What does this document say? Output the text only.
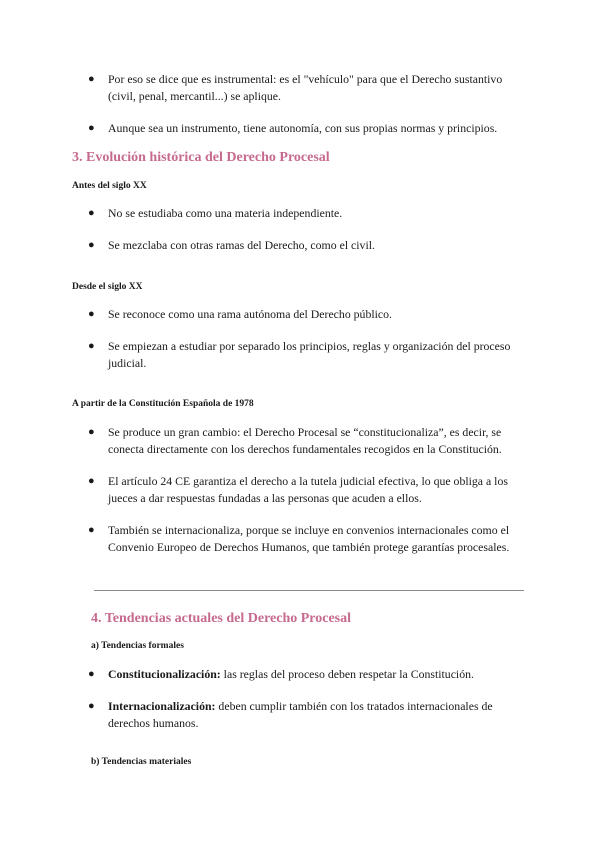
● Por eso se dice que es instrumental: es el "vehículo" para que el Derecho sustantivo (civil, penal, mercantil...) se aplique.
● Aunque sea un instrumento, tiene autonomía, con sus propias normas y principios.
3. Evolución histórica del Derecho Procesal
Antes del siglo XX
● No se estudiaba como una materia independiente.
● Se mezclaba con otras ramas del Derecho, como el civil.
Desde el siglo XX
● Se reconoce como una rama autónoma del Derecho público.
● Se empiezan a estudiar por separado los principios, reglas y organización del proceso judicial.
A partir de la Constitución Española de 1978
● Se produce un gran cambio: el Derecho Procesal se “constitucionaliza”, es decir, se conecta directamente con los derechos fundamentales recogidos en la Constitución.
● El artículo 24 CE garantiza el derecho a la tutela judicial efectiva, lo que obliga a los jueces a dar respuestas fundadas a las personas que acuden a ellos.
● También se internacionaliza, porque se incluye en convenios internacionales como el Convenio Europeo de Derechos Humanos, que también protege garantías procesales.
4. Tendencias actuales del Derecho Procesal
a) Tendencias formales
● Constitucionalización: las reglas del proceso deben respetar la Constitución.
● Internacionalización: deben cumplir también con los tratados internacionales de derechos humanos.
b) Tendencias materiales
